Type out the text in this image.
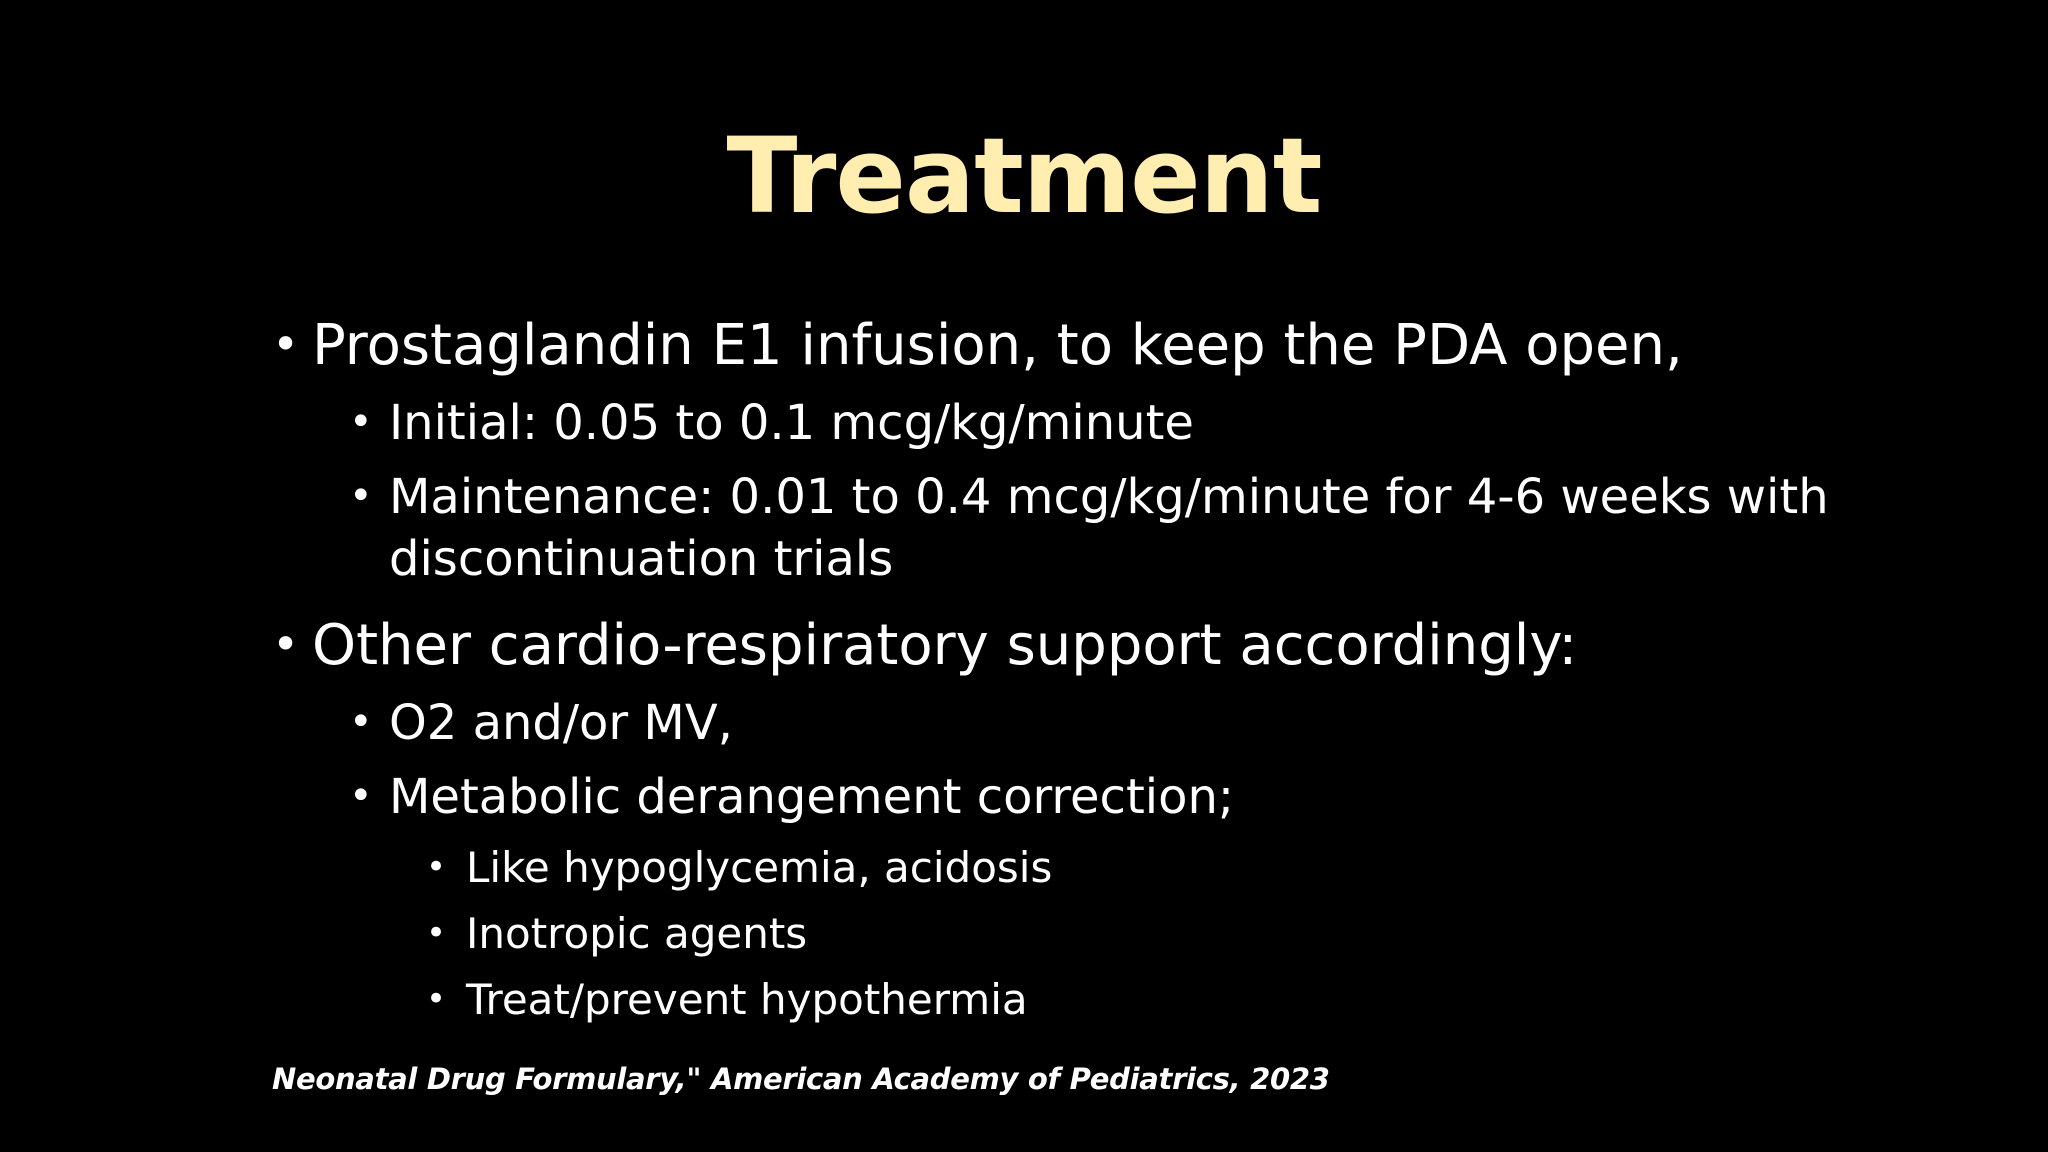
Treatment
• Prostaglandin E1 infusion, to keep the PDA open,
• Initial: 0.05 to 0.1 mcg/kg/minute
• Maintenance: 0.01 to 0.4 mcg/kg/minute for 4-6 weeks with discontinuation trials
• Other cardio-respiratory support accordingly:
• O2 and/or MV,
• Metabolic derangement correction;
• Like hypoglycemia, acidosis
• Inotropic agents
• Treat/prevent hypothermia
Neonatal Drug Formulary," American Academy of Pediatrics, 2023
